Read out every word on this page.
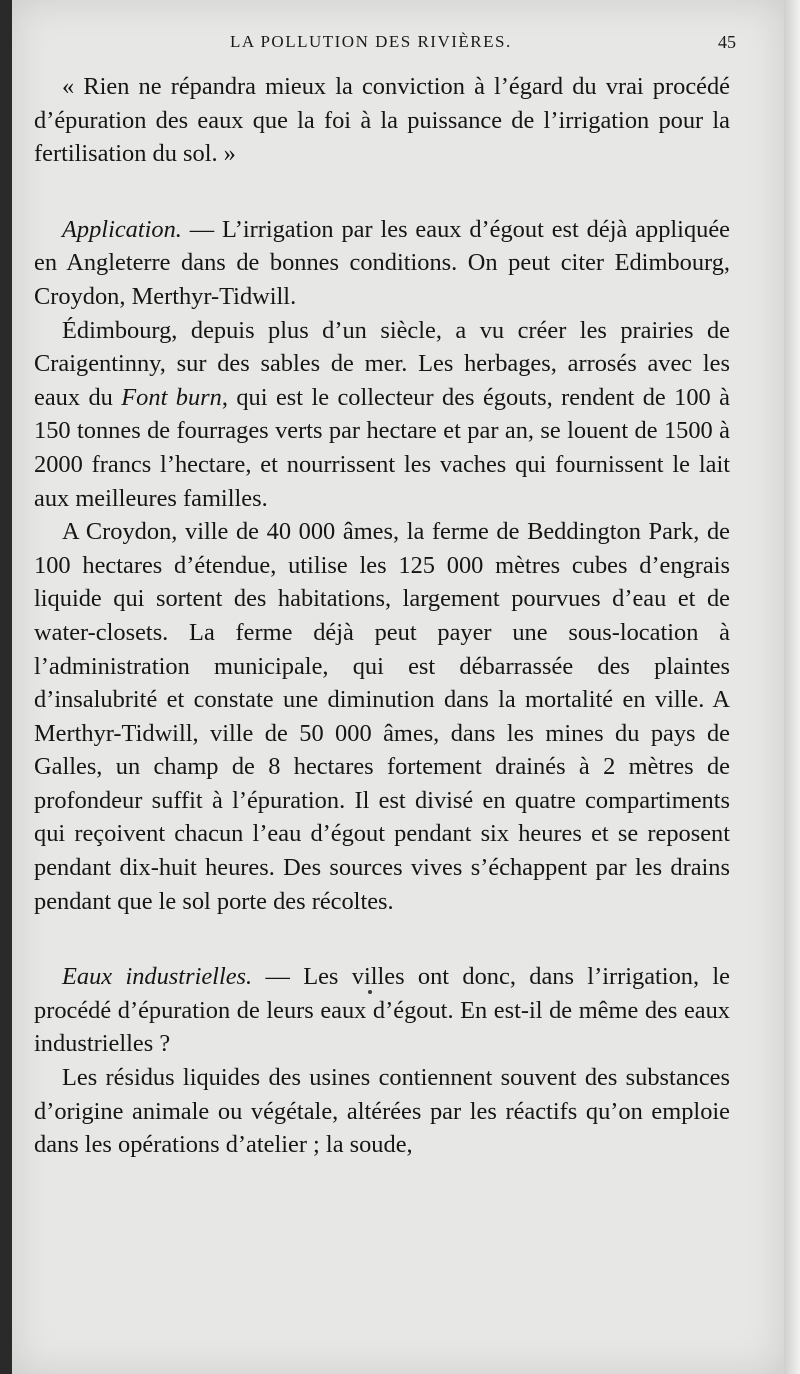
LA POLLUTION DES RIVIÈRES.	45

« Rien ne répandra mieux la conviction à l’égard du vrai procédé d’épuration des eaux que la foi à la puissance de l’irrigation pour la fertilisation du sol. »

Application. — L’irrigation par les eaux d’égout est déjà appliquée en Angleterre dans de bonnes conditions. On peut citer Edimbourg, Croydon, Merthyr-Tidwill.

Édimbourg, depuis plus d’un siècle, a vu créer les prairies de Craigentinny, sur des sables de mer. Les herbages, arrosés avec les eaux du Font burn, qui est le collecteur des égouts, rendent de 100 à 150 tonnes de fourrages verts par hectare et par an, se louent de 1500 à 2000 francs l’hectare, et nourrissent les vaches qui fournissent le lait aux meilleures familles.

A Croydon, ville de 40 000 âmes, la ferme de Beddington Park, de 100 hectares d’étendue, utilise les 125 000 mètres cubes d’engrais liquide qui sortent des habitations, largement pourvues d’eau et de water-closets. La ferme déjà peut payer une sous-location à l’administration municipale, qui est débarrassée des plaintes d’insalubrité et constate une diminution dans la mortalité en ville. A Merthyr-Tidwill, ville de 50 000 âmes, dans les mines du pays de Galles, un champ de 8 hectares fortement drainés à 2 mètres de profondeur suffit à l’épuration. Il est divisé en quatre compartiments qui reçoivent chacun l’eau d’égout pendant six heures et se reposent pendant dix-huit heures. Des sources vives s’échappent par les drains pendant que le sol porte des récoltes.

Eaux industrielles. — Les villes ont donc, dans l’irrigation, le procédé d’épuration de leurs eaux d’égout. En est-il de même des eaux industrielles ?

Les résidus liquides des usines contiennent souvent des substances d’origine animale ou végétale, altérées par les réactifs qu’on emploie dans les opérations d’atelier ; la soude,
